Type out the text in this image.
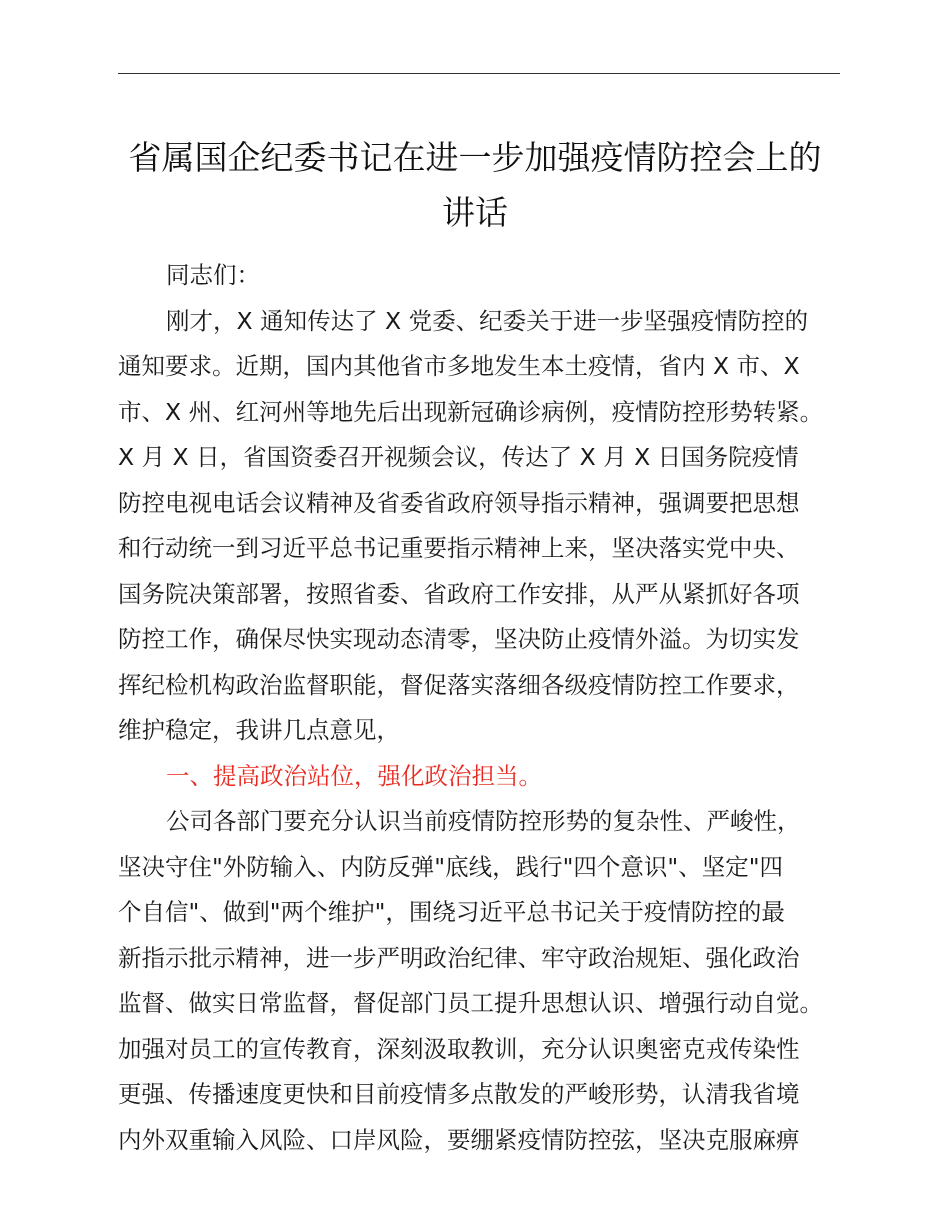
省属国企纪委书记在进一步加强疫情防控会上的
讲话
同志们：
刚才，X 通知传达了 X 党委、纪委关于进一步坚强疫情防控的
通知要求。近期，国内其他省市多地发生本土疫情，省内 X 市、X
市、X 州、红河州等地先后出现新冠确诊病例，疫情防控形势转紧。
X 月 X 日，省国资委召开视频会议，传达了 X 月 X 日国务院疫情
防控电视电话会议精神及省委省政府领导指示精神，强调要把思想
和行动统一到习近平总书记重要指示精神上来，坚决落实党中央、
国务院决策部署，按照省委、省政府工作安排，从严从紧抓好各项
防控工作，确保尽快实现动态清零，坚决防止疫情外溢。为切实发
挥纪检机构政治监督职能，督促落实落细各级疫情防控工作要求，
维护稳定，我讲几点意见，
一、提高政治站位，强化政治担当。
公司各部门要充分认识当前疫情防控形势的复杂性、严峻性，
坚决守住"外防输入、内防反弹"底线，践行"四个意识"、坚定"四
个自信"、做到"两个维护"，围绕习近平总书记关于疫情防控的最
新指示批示精神，进一步严明政治纪律、牢守政治规矩、强化政治
监督、做实日常监督，督促部门员工提升思想认识、增强行动自觉。
加强对员工的宣传教育，深刻汲取教训，充分认识奥密克戎传染性
更强、传播速度更快和目前疫情多点散发的严峻形势，认清我省境
内外双重输入风险、口岸风险，要绷紧疫情防控弦，坚决克服麻痹
